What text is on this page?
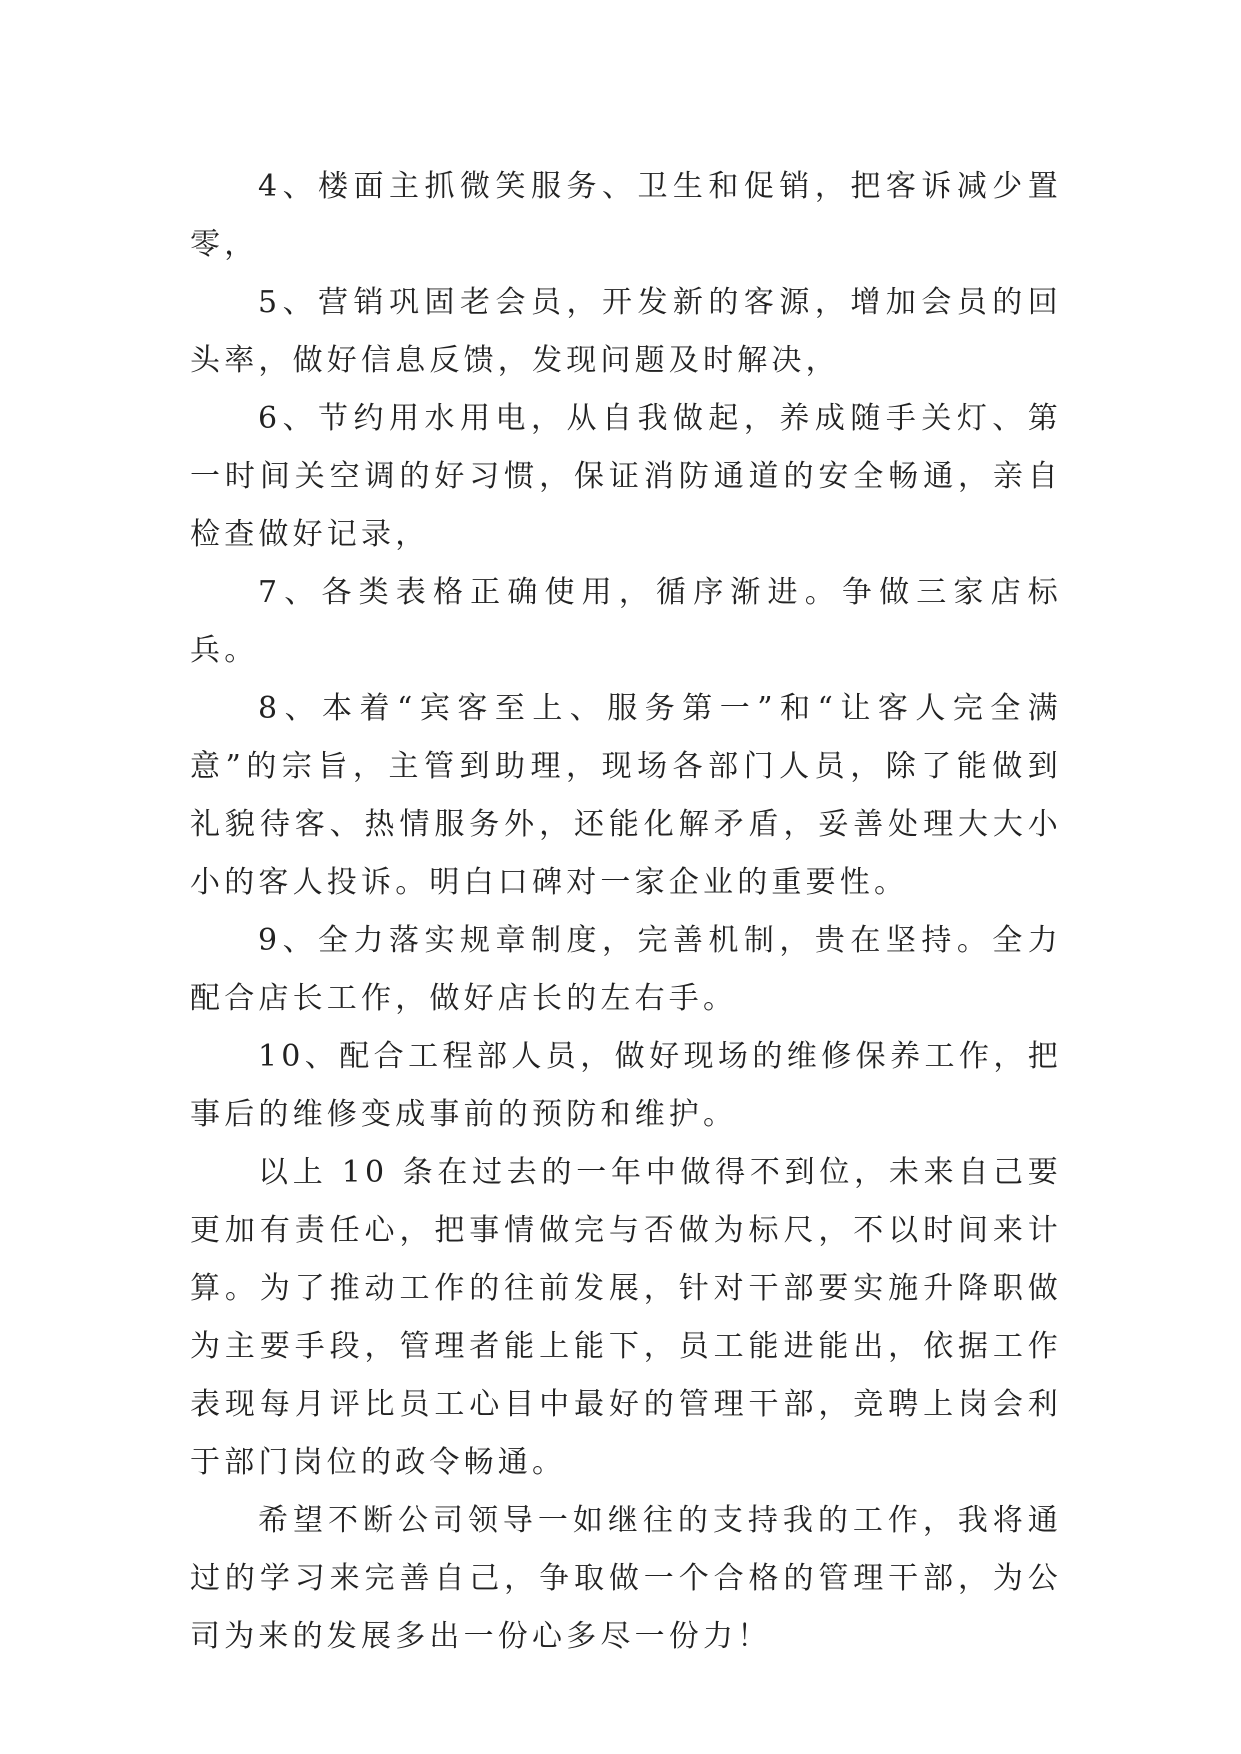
4、楼面主抓微笑服务、卫生和促销，把客诉减少置零，

5、营销巩固老会员，开发新的客源，增加会员的回头率，做好信息反馈，发现问题及时解决，

6、节约用水用电，从自我做起，养成随手关灯、第一时间关空调的好习惯，保证消防通道的安全畅通，亲自检查做好记录，

7、各类表格正确使用，循序渐进。争做三家店标兵。

8、本着“宾客至上、服务第一”和“让客人完全满意”的宗旨，主管到助理，现场各部门人员，除了能做到礼貌待客、热情服务外，还能化解矛盾，妥善处理大大小小的客人投诉。明白口碑对一家企业的重要性。

9、全力落实规章制度，完善机制，贵在坚持。全力配合店长工作，做好店长的左右手。

10、配合工程部人员，做好现场的维修保养工作，把事后的维修变成事前的预防和维护。

以上 10 条在过去的一年中做得不到位，未来自己要更加有责任心，把事情做完与否做为标尺，不以时间来计算。为了推动工作的往前发展，针对干部要实施升降职做为主要手段，管理者能上能下，员工能进能出，依据工作表现每月评比员工心目中最好的管理干部，竞聘上岗会利于部门岗位的政令畅通。

希望不断公司领导一如继往的支持我的工作，我将通过的学习来完善自己，争取做一个合格的管理干部，为公司为来的发展多出一份心多尽一份力！
